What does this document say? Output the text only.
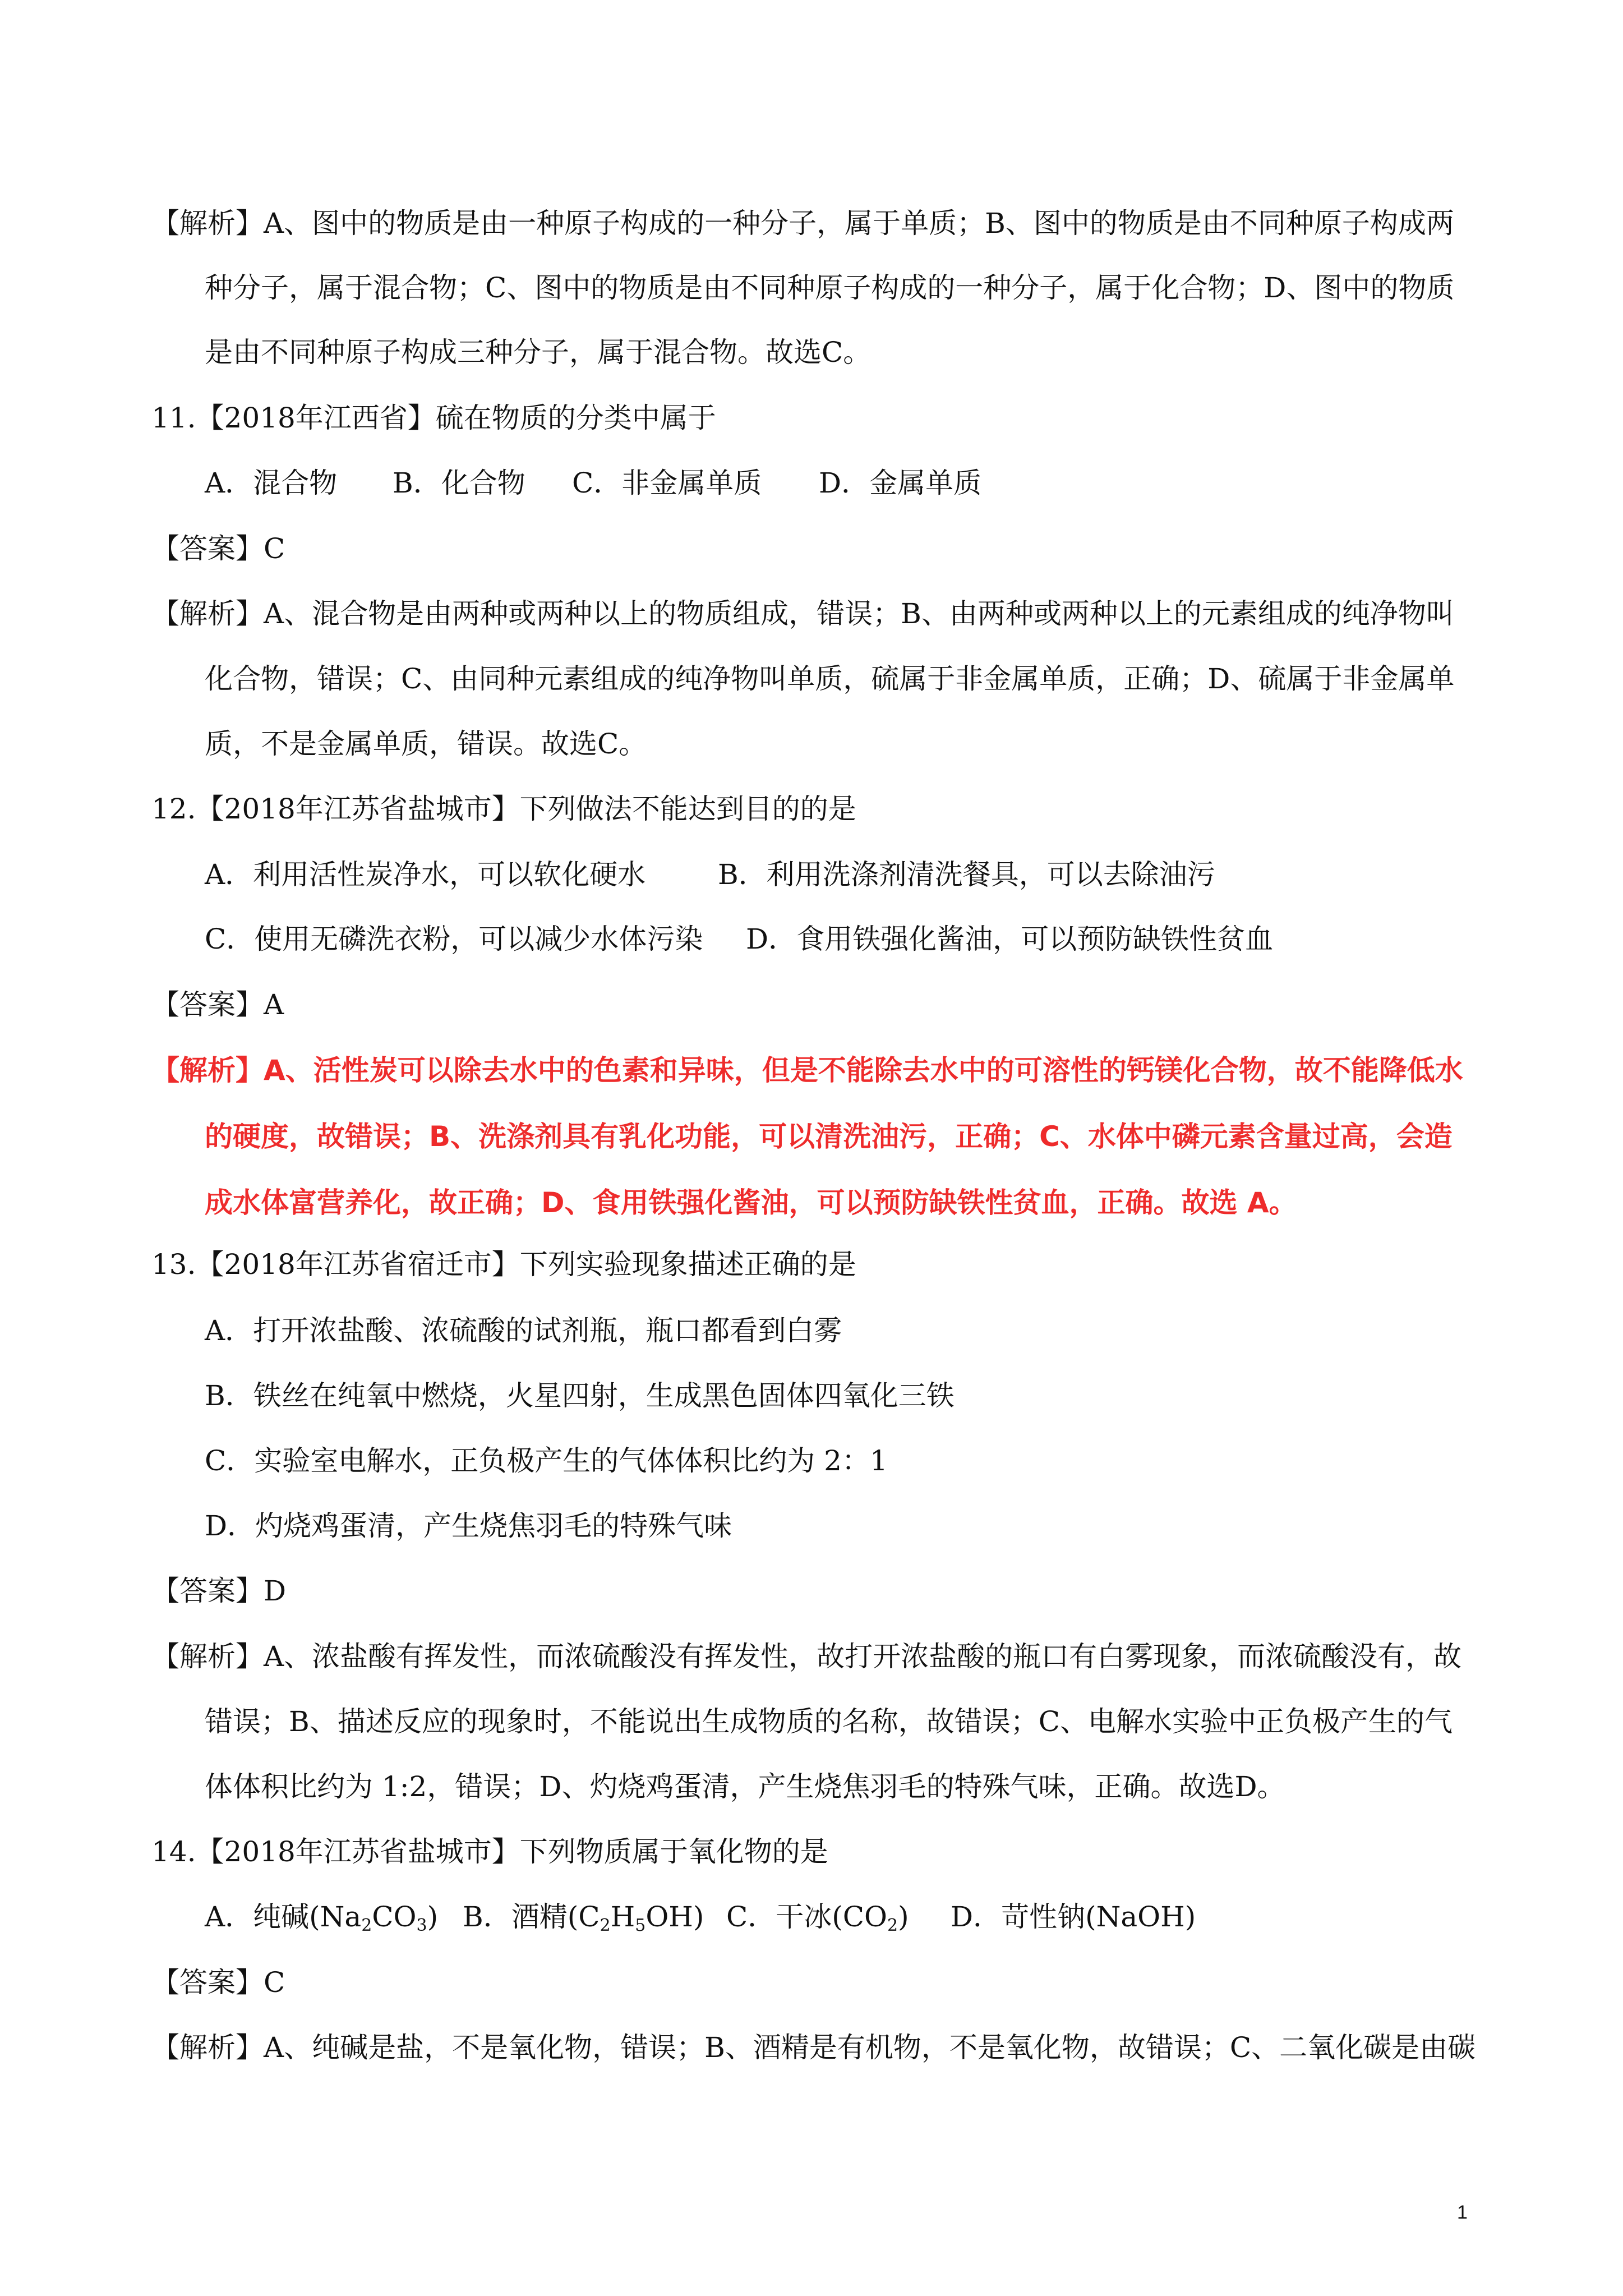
【解析】A、图中的物质是由一种原子构成的一种分子，属于单质；B、图中的物质是由不同种原子构成两
种分子，属于混合物；C、图中的物质是由不同种原子构成的一种分子，属于化合物；D、图中的物质
是由不同种原子构成三种分子，属于混合物。故选C。
11.【2018年江西省】硫在物质的分类中属于
A．混合物 B．化合物 C．非金属单质 D．金属单质
【答案】C
【解析】A、混合物是由两种或两种以上的物质组成，错误；B、由两种或两种以上的元素组成的纯净物叫
化合物，错误；C、由同种元素组成的纯净物叫单质，硫属于非金属单质，正确；D、硫属于非金属单
质，不是金属单质，错误。故选C。
12.【2018年江苏省盐城市】下列做法不能达到目的的是
A．利用活性炭净水，可以软化硬水	B．利用洗涤剂清洗餐具，可以去除油污
C．使用无磷洗衣粉，可以减少水体污染 D．食用铁强化酱油，可以预防缺铁性贫血
【答案】A
【解析】A、活性炭可以除去水中的色素和异味，但是不能除去水中的可溶性的钙镁化合物，故不能降低水
的硬度，故错误；B、洗涤剂具有乳化功能，可以清洗油污，正确；C、水体中磷元素含量过高，会造
成水体富营养化，故正确；D、食用铁强化酱油，可以预防缺铁性贫血，正确。故选 A。
13.【2018年江苏省宿迁市】下列实验现象描述正确的是
A．打开浓盐酸、浓硫酸的试剂瓶，瓶口都看到白雾
B．铁丝在纯氧中燃烧，火星四射，生成黑色固体四氧化三铁
C．实验室电解水，正负极产生的气体体积比约为 2：1
D．灼烧鸡蛋清，产生烧焦羽毛的特殊气味
【答案】D
【解析】A、浓盐酸有挥发性，而浓硫酸没有挥发性，故打开浓盐酸的瓶口有白雾现象，而浓硫酸没有，故
错误；B、描述反应的现象时，不能说出生成物质的名称，故错误；C、电解水实验中正负极产生的气
体体积比约为 1:2，错误；D、灼烧鸡蛋清，产生烧焦羽毛的特殊气味，正确。故选D。
14.【2018年江苏省盐城市】下列物质属于氧化物的是
A．纯碱$(Na_2CO_3)$ B．酒精$(C_2H_5OH)$ C．干冰$(CO_2)$ D．苛性钠(NaOH)
【答案】C
【解析】A、纯碱是盐，不是氧化物，错误；B、酒精是有机物，不是氧化物，故错误；C、二氧化碳是由碳
1
